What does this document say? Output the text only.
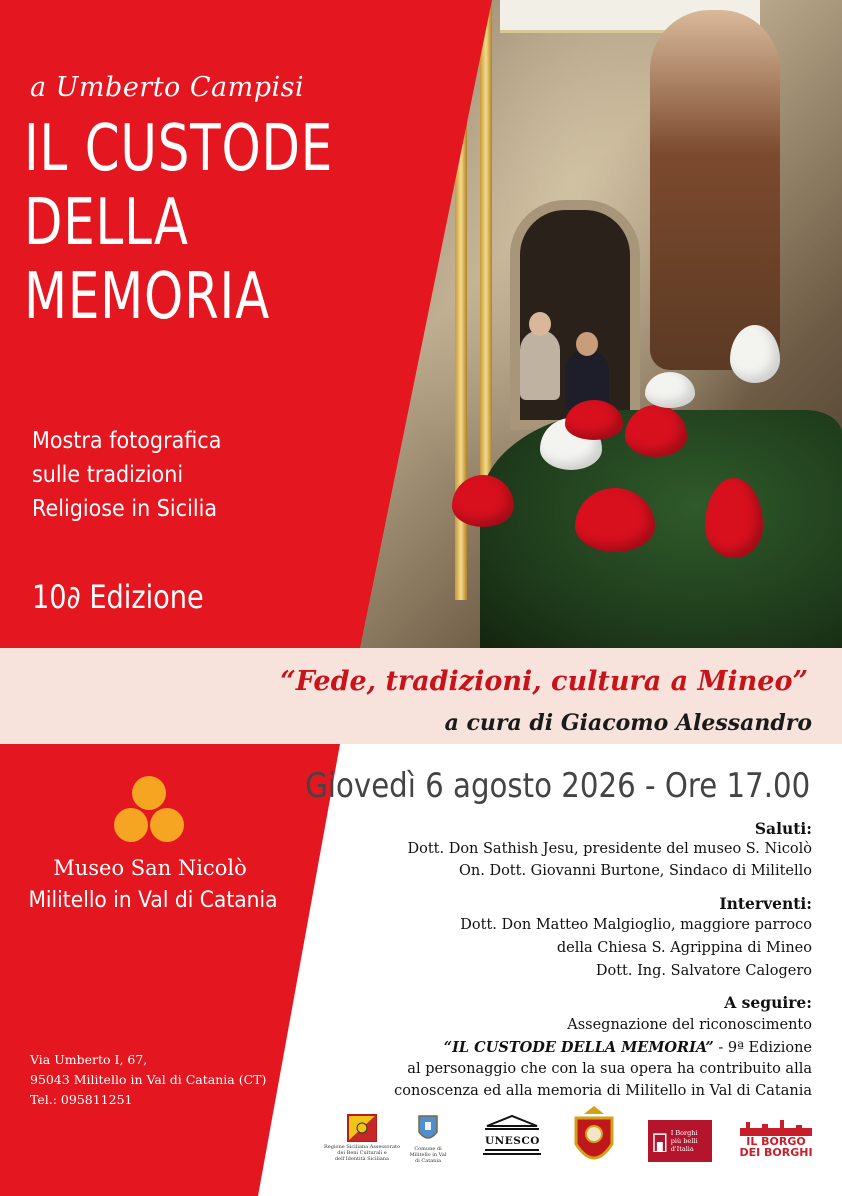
a Umberto Campisi
IL CUSTODE
DELLA
MEMORIA
Mostra fotografica
sulle tradizioni
Religiose in Sicilia
10∂ Edizione
“Fede, tradizioni, cultura a Mineo”
a cura di Giacomo Alessandro
Giovedì 6 agosto 2026 - Ore 17.00
Saluti:
Dott. Don Sathish Jesu, presidente del museo S. Nicolò
On. Dott. Giovanni Burtone, Sindaco di Militello
Interventi:
Dott. Don Matteo Malgioglio, maggiore parroco
della Chiesa S. Agrippina di Mineo
Dott. Ing. Salvatore Calogero
A seguire:
Assegnazione del riconoscimento
“IL CUSTODE DELLA MEMORIA” - 9ª Edizione
al personaggio che con la sua opera ha contribuito alla
conoscenza ed alla memoria di Militello in Val di Catania
Museo San Nicolò
Militello in Val di Catania
Via Umberto I, 67,
95043 Militello in Val di Catania (CT)
Tel.: 095811251
Regione Siciliana Assessorato dei Beni Culturali e dell'Identità Siciliana
Comune di Militello in Val di Catania
UNESCO
I Borghi più belli d'Italia
IL BORGO
DEI BORGHI
